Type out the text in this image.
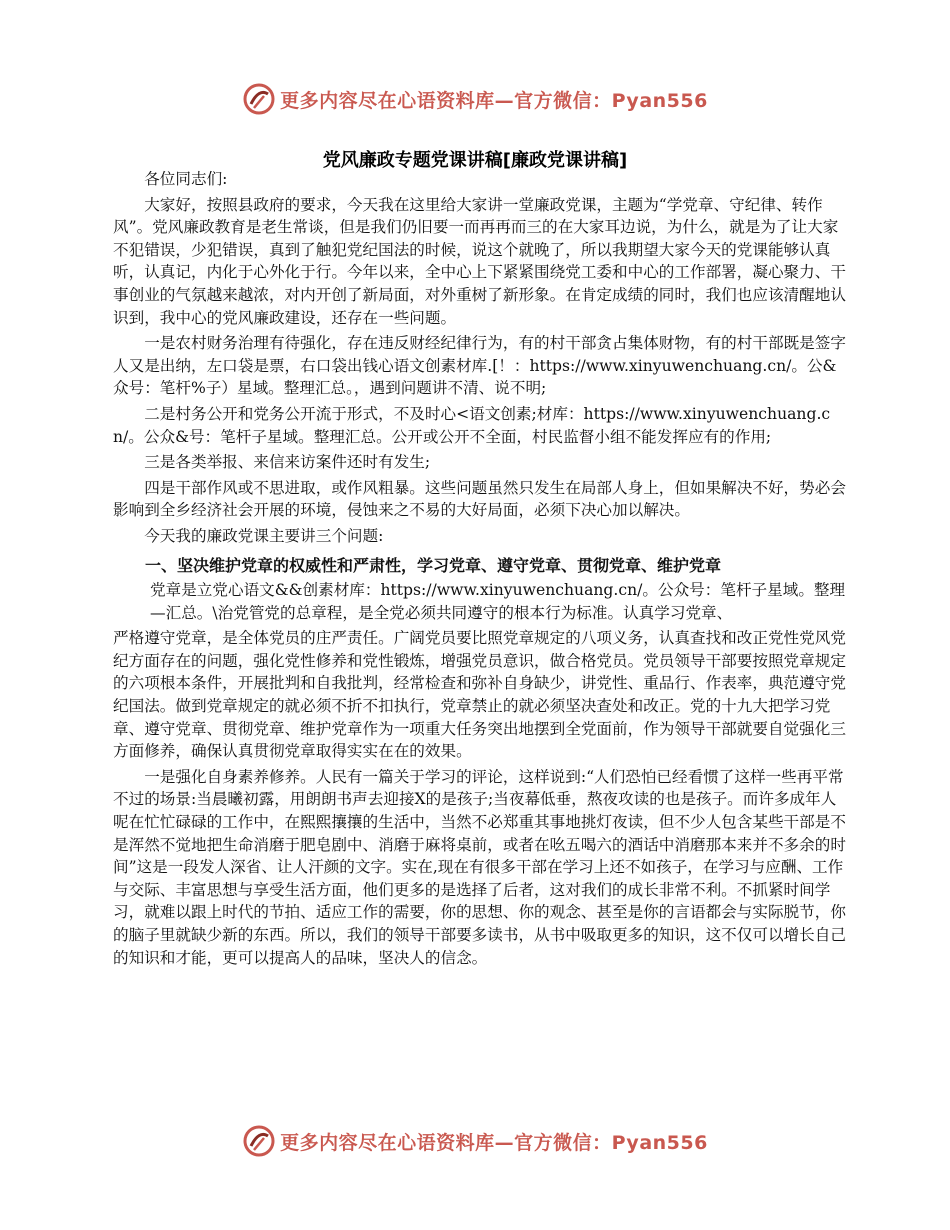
更多内容尽在心语资料库—官方微信：Pyan556
党风廉政专题党课讲稿[廉政党课讲稿]

各位同志们:

大家好，按照县政府的要求，今天我在这里给大家讲一堂廉政党课，主题为“学党章、守纪律、转作风”。党风廉政教育是老生常谈，但是我们仍旧要一而再再而三的在大家耳边说，为什么，就是为了让大家不犯错误，少犯错误，真到了触犯党纪国法的时候，说这个就晚了，所以我期望大家今天的党课能够认真听，认真记，内化于心外化于行。今年以来，全中心上下紧紧围绕党工委和中心的工作部署，凝心聚力、干事创业的气氛越来越浓，对内开创了新局面，对外重树了新形象。在肯定成绩的同时，我们也应该清醒地认识到，我中心的党风廉政建设，还存在一些问题。

一是农村财务治理有待强化，存在违反财经纪律行为，有的村干部贪占集体财物，有的村干部既是签字人又是出纳，左口袋是票，右口袋出钱心语文创素材库.[！：https://www.xinyuwenchuang.cn/。公&众号：笔杆%子）星域。整理汇总。，遇到问题讲不清、说不明;

二是村务公开和党务公开流于形式，不及时心<语文创素;材库：https://www.xinyuwenchuang.cn/。公众&号：笔杆子星域。整理汇总。公开或公开不全面，村民监督小组不能发挥应有的作用;

三是各类举报、来信来访案件还时有发生;

四是干部作风或不思进取，或作风粗暴。这些问题虽然只发生在局部人身上，但如果解决不好，势必会影响到全乡经济社会开展的环境，侵蚀来之不易的大好局面，必须下决心加以解决。

今天我的廉政党课主要讲三个问题:

一、坚决维护党章的权威性和严肃性，学习党章、遵守党章、贯彻党章、维护党章

党章是立党心语文&&创素材库：https://www.xinyuwenchuang.cn/。公众号：笔杆子星域。整理—汇总。\治党管党的总章程，是全党必须共同遵守的根本行为标准。认真学习党章、

严格遵守党章，是全体党员的庄严责任。广阔党员要比照党章规定的八项义务，认真查找和改正党性党风党纪方面存在的问题，强化党性修养和党性锻炼，增强党员意识，做合格党员。党员领导干部要按照党章规定的六项根本条件，开展批判和自我批判，经常检查和弥补自身缺少，讲党性、重品行、作表率，典范遵守党纪国法。做到党章规定的就必须不折不扣执行，党章禁止的就必须坚决查处和改正。党的十九大把学习党章、遵守党章、贯彻党章、维护党章作为一项重大任务突出地摆到全党面前，作为领导干部就要自觉强化三方面修养，确保认真贯彻党章取得实实在在的效果。

一是强化自身素养修养。人民有一篇关于学习的评论，这样说到:“人们恐怕已经看惯了这样一些再平常不过的场景:当晨曦初露，用朗朗书声去迎接X的是孩子;当夜幕低垂，熬夜攻读的也是孩子。而许多成年人呢在忙忙碌碌的工作中，在熙熙攘攘的生活中，当然不必郑重其事地挑灯夜读，但不少人包含某些干部是不是浑然不觉地把生命消磨于肥皂剧中、消磨于麻将桌前，或者在吆五喝六的酒话中消磨那本来并不多余的时间”这是一段发人深省、让人汗颜的文字。实在,现在有很多干部在学习上还不如孩子，在学习与应酬、工作与交际、丰富思想与享受生活方面，他们更多的是选择了后者，这对我们的成长非常不利。不抓紧时间学习，就难以跟上时代的节拍、适应工作的需要，你的思想、你的观念、甚至是你的言语都会与实际脱节，你的脑子里就缺少新的东西。所以，我们的领导干部要多读书，从书中吸取更多的知识，这不仅可以增长自己的知识和才能，更可以提高人的品味，坚决人的信念。

更多内容尽在心语资料库—官方微信：Pyan556
